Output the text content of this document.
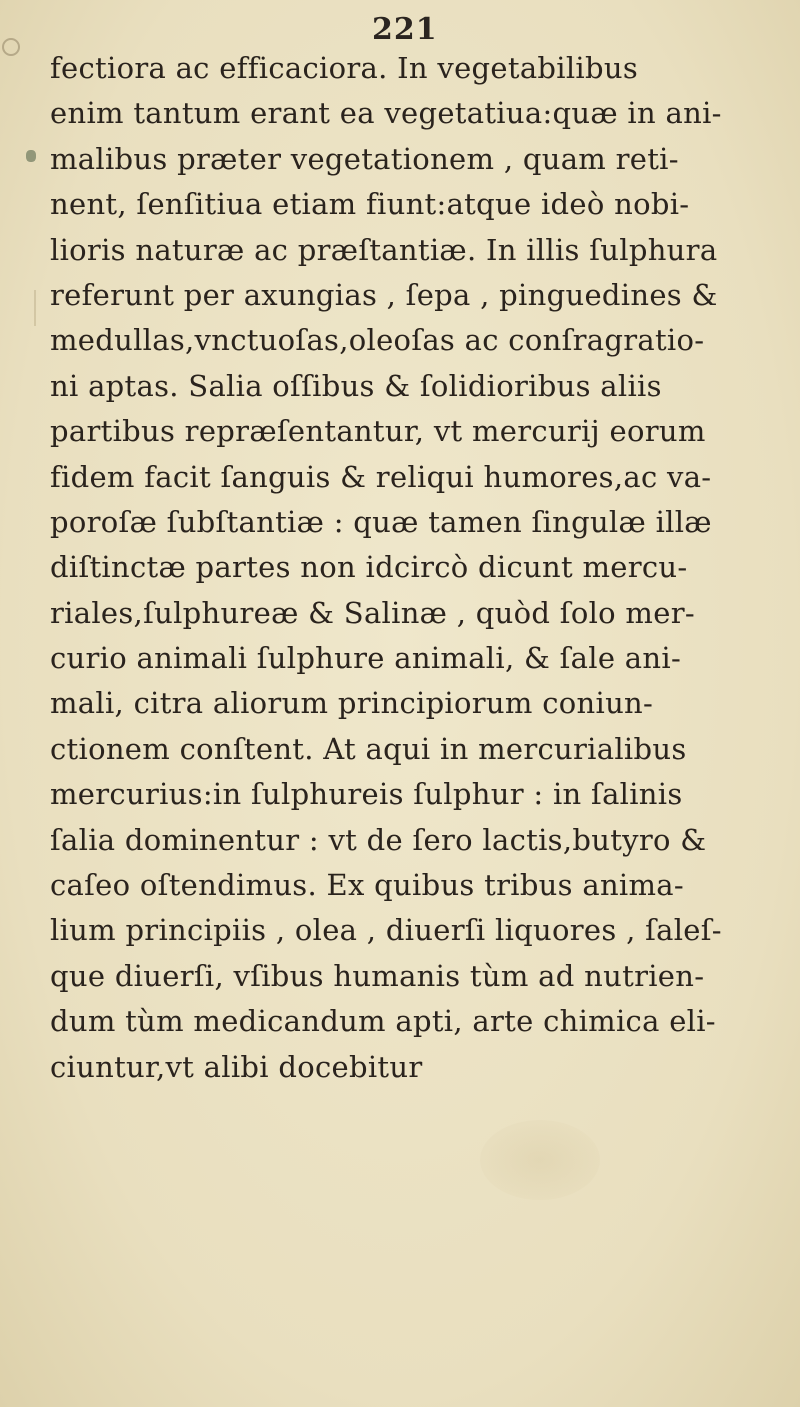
221
fectiora ac efficaciora. In vegetabilibus
enim tantum erant ea vegetatiua:quæ in ani-
malibus præter vegetationem , quam reti-
nent, ſenſitiua etiam fiunt:atque ideò nobi-
lioris naturæ ac præſtantiæ. In illis ſulphura
referunt per axungias , ſepa , pinguedines &
medullas,vnctuoſas,oleoſas ac conſragratio-
ni aptas. Salia oſſibus & ſolidioribus aliis
partibus repræſentantur, vt mercurij eorum
fidem facit ſanguis & reliqui humores,ac va-
poroſæ ſubſtantiæ : quæ tamen ſingulæ illæ
diſtinctæ partes non idcircò dicunt mercu-
riales,ſulphureæ & Salinæ , quòd ſolo mer-
curio animali ſulphure animali, & ſale ani-
mali, citra aliorum principiorum coniun-
ctionem conſtent. At aqui in mercurialibus
mercurius:in ſulphureis ſulphur : in ſalinis
ſalia dominentur : vt de ſero lactis,butyro &
caſeo oſtendimus. Ex quibus tribus anima-
lium principiis , olea , diuerſi liquores , ſaleſ-
que diuerſi, vſibus humanis tùm ad nutrien-
dum tùm medicandum apti, arte chimica eli-
ciuntur,vt alibi docebitur
